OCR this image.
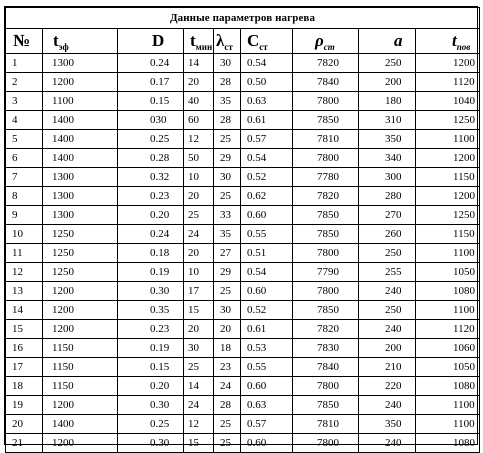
Данные параметров нагрева								
№	$t_{эф}$	D	$t_{мин}$	$\lambda_{ст}$	$C_{ст}$	$\rho_{ст}$	a	$t_{пов}$
1	1300	0.24	14	30	0.54	7820	250	1200
2	1200	0.17	20	28	0.50	7840	200	1120
3	1100	0.15	40	35	0.63	7800	180	1040
4	1400	030	60	28	0.61	7850	310	1250
5	1400	0.25	12	25	0.57	7810	350	1100
6	1400	0.28	50	29	0.54	7800	340	1200
7	1300	0.32	10	30	0.52	7780	300	1150
8	1300	0.23	20	25	0.62	7820	280	1200
9	1300	0.20	25	33	0.60	7850	270	1250
10	1250	0.24	24	35	0.55	7850	260	1150
11	1250	0.18	20	27	0.51	7800	250	1100
12	1250	0.19	10	29	0.54	7790	255	1050
13	1200	0.30	17	25	0.60	7800	240	1080
14	1200	0.35	15	30	0.52	7850	250	1100
15	1200	0.23	20	20	0.61	7820	240	1120
16	1150	0.19	30	18	0.53	7830	200	1060
17	1150	0.15	25	23	0.55	7840	210	1050
18	1150	0.20	14	24	0.60	7800	220	1080
19	1200	0.30	24	28	0.63	7850	240	1100
20	1400	0.25	12	25	0.57	7810	350	1100
21	1200	0.30	15	25	0.60	7800	240	1080
